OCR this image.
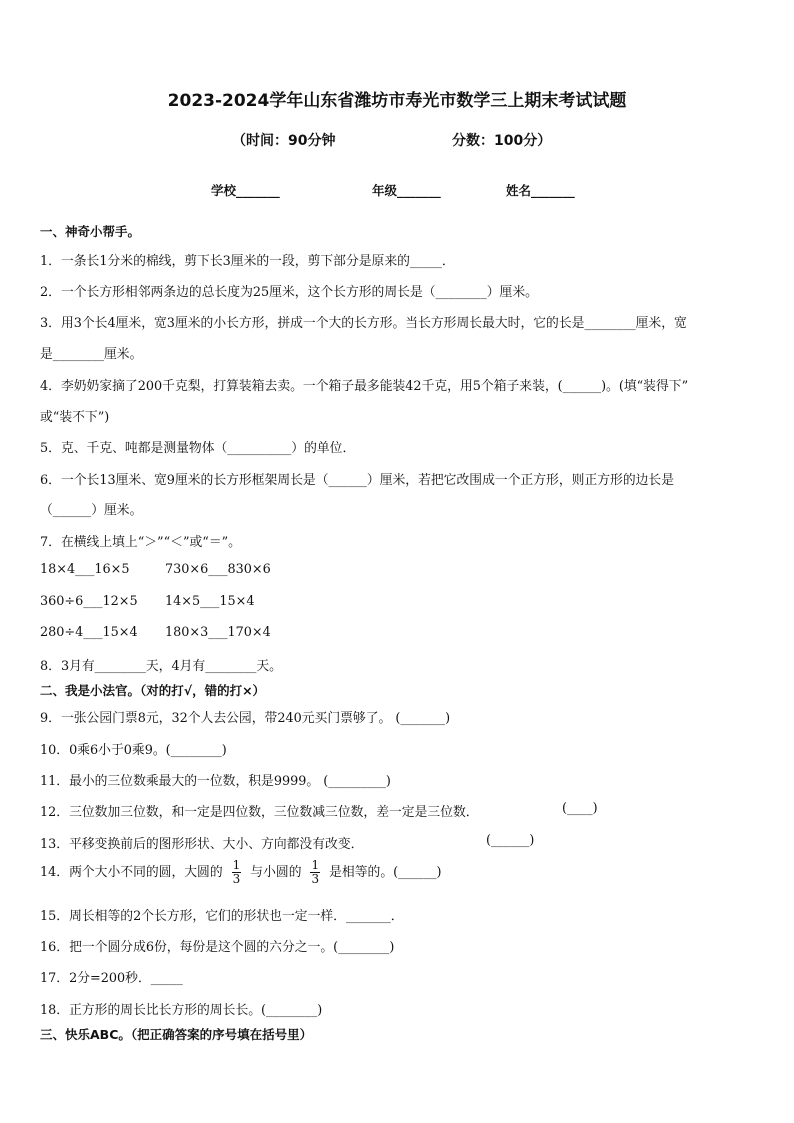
2023-2024学年山东省潍坊市寿光市数学三上期末考试试题
（时间：90分钟	分数：100分）
学校_______	年级_______	姓名_______
一、神奇小帮手。
1．一条长1分米的棉线，剪下长3厘米的一段，剪下部分是原来的_____．
2．一个长方形相邻两条边的总长度为25厘米，这个长方形的周长是（________）厘米。
3．用3个长4厘米，宽3厘米的小长方形，拼成一个大的长方形。当长方形周长最大时，它的长是________厘米，宽
是________厘米。
4．李奶奶家摘了200千克梨，打算装箱去卖。一个箱子最多能装42千克，用5个箱子来装，(______)。(填“装得下”
或“装不下”)
5．克、千克、吨都是测量物体（__________）的单位．
6．一个长13厘米、宽9厘米的长方形框架周长是（______）厘米，若把它改围成一个正方形，则正方形的边长是
（______）厘米。
7．在横线上填上“＞”“＜”或“＝”。
18×4___16×5	730×6___830×6
360÷6___12×5 14×5___15×4
280÷4___15×4 180×3___170×4
8．3月有________天，4月有________天。
二、我是小法官。（对的打√，错的打×）
9．一张公园门票8元，32个人去公园，带240元买门票够了。 (_______)
10．0乘6小于0乘9。(________)
11．最小的三位数乘最大的一位数，积是9999。 (_________)
12．三位数加三位数，和一定是四位数，三位数减三位数，差一定是三位数．	(____)
13．平移变换前后的图形形状、大小、方向都没有改变．	(______)
14．两个大小不同的圆，大圆的 $\frac{1}{3}$ 与小圆的 $\frac{1}{3}$ 是相等的。(______)
15．周长相等的2个长方形，它们的形状也一定一样．_______．
16．把一个圆分成6份，每份是这个圆的六分之一。(________)
17．2分=200秒．_____
18．正方形的周长比长方形的周长长。(________)
三、快乐ABC。（把正确答案的序号填在括号里）
